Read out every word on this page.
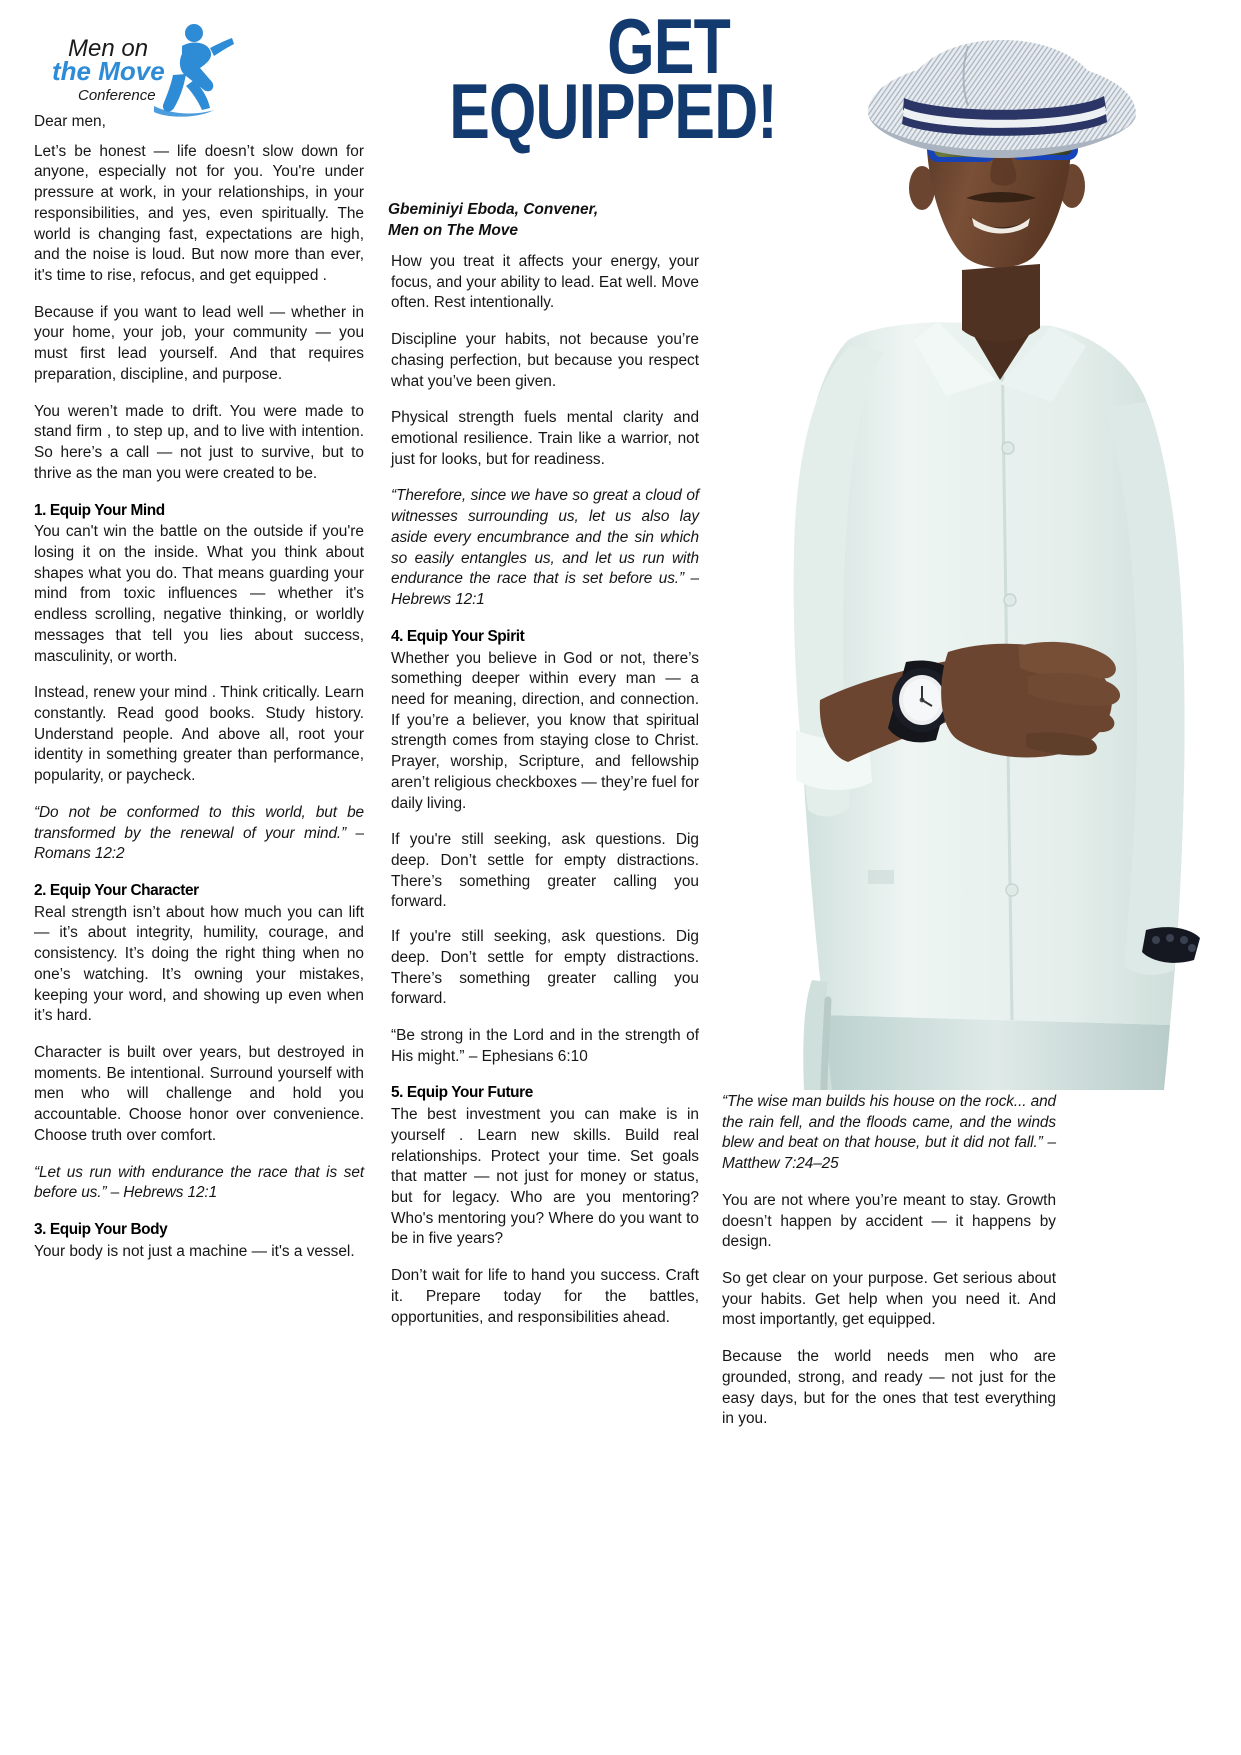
Men on
the Move
Conference
GET
EQUIPPED!
Gbeminiyi Eboda, Convener,
Men on The Move

Dear men,

Let’s be honest — life doesn’t slow down for anyone, especially not for you. You're under pressure at work, in your relationships, in your responsibilities, and yes, even spiritually. The world is changing fast, expectations are high, and the noise is loud. But now more than ever, it's time to rise, refocus, and get equipped .

Because if you want to lead well — whether in your home, your job, your community — you must first lead yourself. And that requires preparation, discipline, and purpose.

You weren’t made to drift. You were made to stand firm , to step up, and to live with intention. So here’s a call — not just to survive, but to thrive as the man you were created to be.

1. Equip Your Mind

You can't win the battle on the outside if you're losing it on the inside. What you think about shapes what you do. That means guarding your mind from toxic influences — whether it's endless scrolling, negative thinking, or worldly messages that tell you lies about success, masculinity, or worth.

Instead, renew your mind . Think critically. Learn constantly. Read good books. Study history. Understand people. And above all, root your identity in something greater than performance, popularity, or paycheck.

“Do not be conformed to this world, but be transformed by the renewal of your mind.” – Romans 12:2

2. Equip Your Character

Real strength isn’t about how much you can lift — it’s about integrity, humility, courage, and consistency. It’s doing the right thing when no one’s watching. It’s owning your mistakes, keeping your word, and showing up even when it’s hard.

Character is built over years, but destroyed in moments. Be intentional. Surround yourself with men who will challenge and hold you accountable. Choose honor over convenience. Choose truth over comfort.

“Let us run with endurance the race that is set before us.” – Hebrews 12:1

3. Equip Your Body

Your body is not just a machine — it's a vessel.

How you treat it affects your energy, your focus, and your ability to lead. Eat well. Move often. Rest intentionally.

Discipline your habits, not because you’re chasing perfection, but because you respect what you’ve been given.

Physical strength fuels mental clarity and emotional resilience. Train like a warrior, not just for looks, but for readiness.

“Therefore, since we have so great a cloud of witnesses surrounding us, let us also lay aside every encumbrance and the sin which so easily entangles us, and let us run with endurance the race that is set before us.” – Hebrews 12:1

4. Equip Your Spirit

Whether you believe in God or not, there’s something deeper within every man — a need for meaning, direction, and connection. If you’re a believer, you know that spiritual strength comes from staying close to Christ. Prayer, worship, Scripture, and fellowship aren’t religious checkboxes — they’re fuel for daily living.

If you're still seeking, ask questions. Dig deep. Don’t settle for empty distractions. There’s something greater calling you forward.

If you're still seeking, ask questions. Dig deep. Don’t settle for empty distractions. There’s something greater calling you forward.

“Be strong in the Lord and in the strength of His might.” – Ephesians 6:10

5. Equip Your Future

The best investment you can make is in yourself . Learn new skills. Build real relationships. Protect your time. Set goals that matter — not just for money or status, but for legacy. Who are you mentoring? Who's mentoring you? Where do you want to be in five years?

Don’t wait for life to hand you success. Craft it. Prepare today for the battles, opportunities, and responsibilities ahead.

“The wise man builds his house on the rock... and the rain fell, and the floods came, and the winds blew and beat on that house, but it did not fall.” – Matthew 7:24–25

You are not where you’re meant to stay. Growth doesn’t happen by accident — it happens by design.

So get clear on your purpose. Get serious about your habits. Get help when you need it. And most importantly, get equipped.

Because the world needs men who are grounded, strong, and ready — not just for the easy days, but for the ones that test everything in you.
